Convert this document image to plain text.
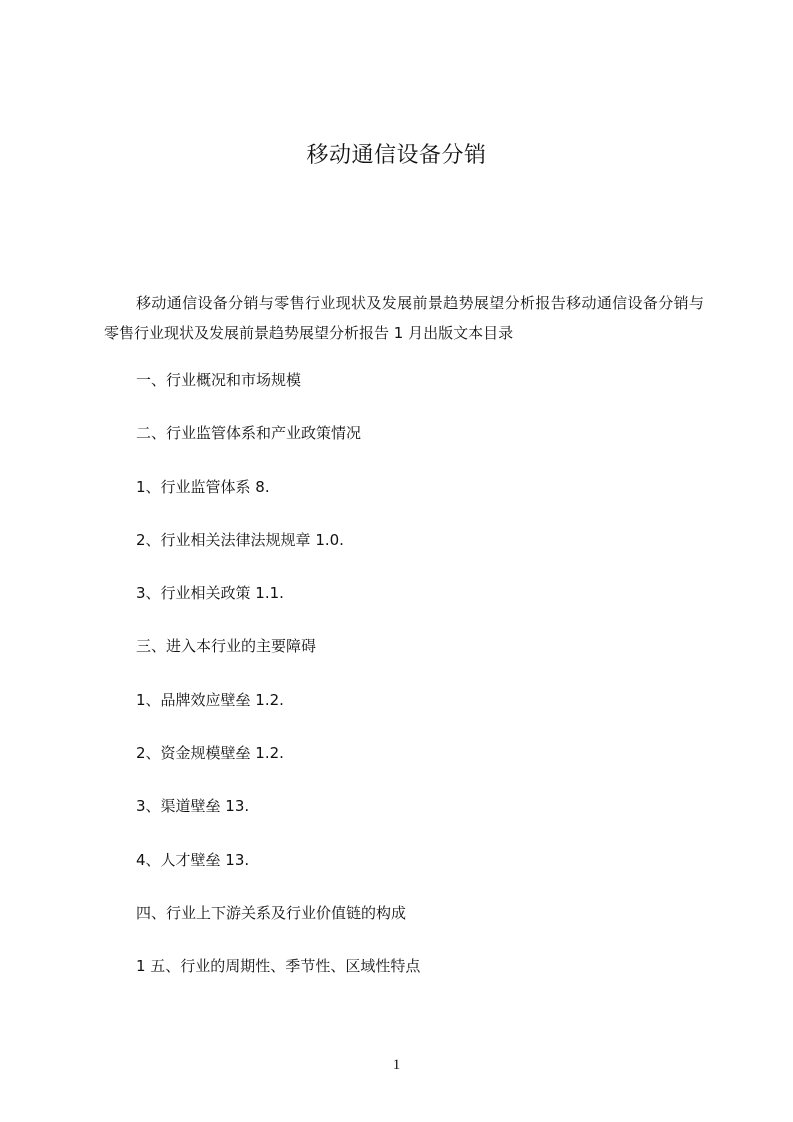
移动通信设备分销
移动通信设备分销与零售行业现状及发展前景趋势展望分析报告移动通信设备分销与零售行业现状及发展前景趋势展望分析报告 1 月出版文本目录
一、行业概况和市场规模
二、行业监管体系和产业政策情况
1、行业监管体系 8.
2、行业相关法律法规规章 1.0.
3、行业相关政策 1.1.
三、进入本行业的主要障碍
1、品牌效应壁垒 1.2.
2、资金规模壁垒 1.2.
3、渠道壁垒 13.
4、人才壁垒 13.
四、行业上下游关系及行业价值链的构成
1 五、行业的周期性、季节性、区域性特点
1
